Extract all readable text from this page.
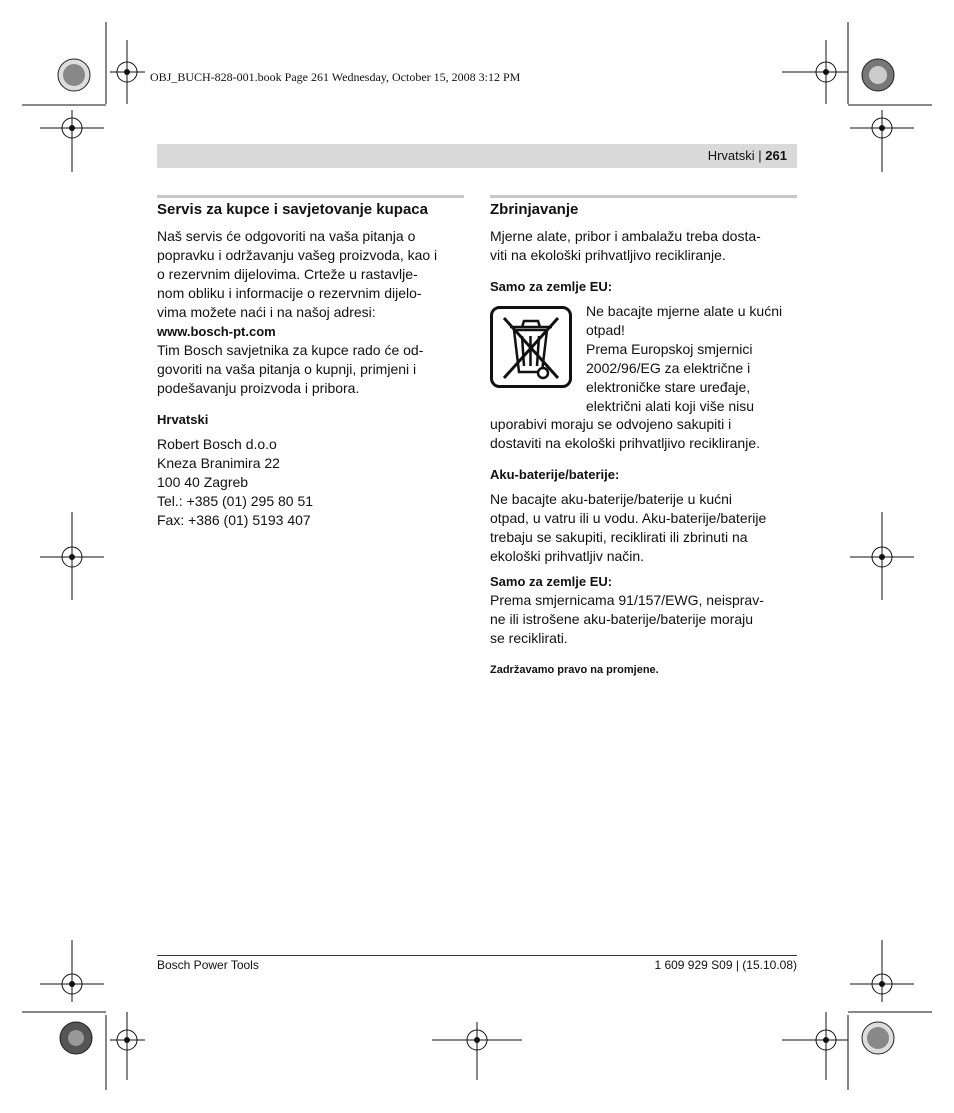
OBJ_BUCH-828-001.book Page 261 Wednesday, October 15, 2008 3:12 PM
Hrvatski | 261
Servis za kupce i savjetovanje kupaca

Naš servis će odgovoriti na vaša pitanja o

popravku i održavanju vašeg proizvoda, kao i

o rezervnim dijelovima. Crteže u rastavlje-

nom obliku i informacije o rezervnim dijelo-

vima možete naći i na našoj adresi:

www.bosch-pt.com

Tim Bosch savjetnika za kupce rado će od-

govoriti na vaša pitanja o kupnji, primjeni i

podešavanju proizvoda i pribora.

Hrvatski

Robert Bosch d.o.o

Kneza Branimira 22

100 40 Zagreb

Tel.: +385 (01) 295 80 51

Fax: +386 (01) 5193 407

Zbrinjavanje

Mjerne alate, pribor i ambalažu treba dosta-

viti na ekološki prihvatljivo recikliranje.

Samo za zemlje EU:

Ne bacajte mjerne alate u kućni

otpad!

Prema Europskoj smjernici

2002/96/EG za električne i

elektroničke stare uređaje,

električni alati koji više nisu

uporabivi moraju se odvojeno sakupiti i

dostaviti na ekološki prihvatljivo recikliranje.

Aku-baterije/baterije:

Ne bacajte aku-baterije/baterije u kućni

otpad, u vatru ili u vodu. Aku-baterije/baterije

trebaju se sakupiti, reciklirati ili zbrinuti na

ekološki prihvatljiv način.

Samo za zemlje EU:

Prema smjernicama 91/157/EWG, neisprav-

ne ili istrošene aku-baterije/baterije moraju

se reciklirati.

Zadržavamo pravo na promjene.
Bosch Power Tools	1 609 929 S09 | (15.10.08)
